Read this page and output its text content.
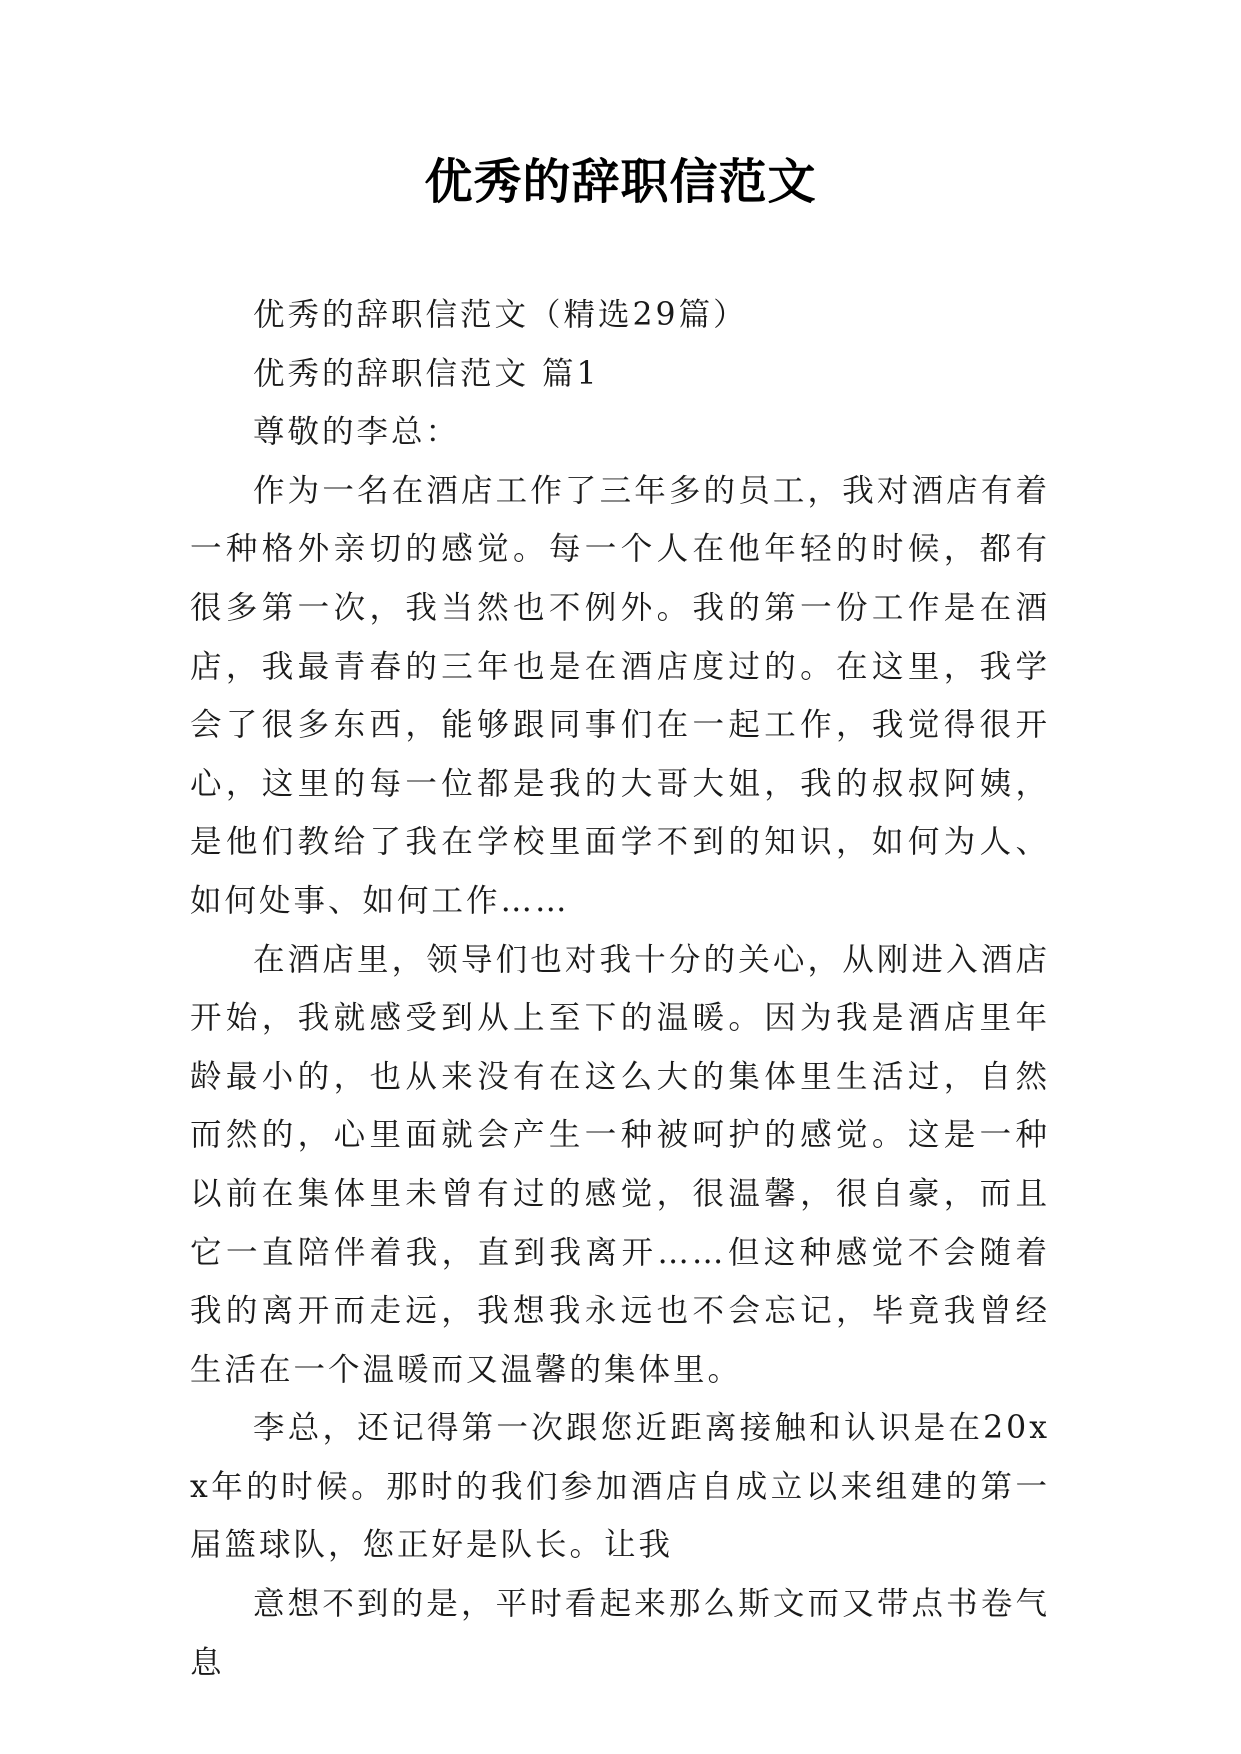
优秀的辞职信范文

优秀的辞职信范文（精选29篇）

优秀的辞职信范文 篇1

尊敬的李总：

作为一名在酒店工作了三年多的员工，我对酒店有着一种格外亲切的感觉。每一个人在他年轻的时候，都有很多第一次，我当然也不例外。我的第一份工作是在酒店，我最青春的三年也是在酒店度过的。在这里，我学会了很多东西，能够跟同事们在一起工作，我觉得很开心，这里的每一位都是我的大哥大姐，我的叔叔阿姨，是他们教给了我在学校里面学不到的知识，如何为人、如何处事、如何工作……

在酒店里，领导们也对我十分的关心，从刚进入酒店开始，我就感受到从上至下的温暖。因为我是酒店里年龄最小的，也从来没有在这么大的集体里生活过，自然而然的，心里面就会产生一种被呵护的感觉。这是一种以前在集体里未曾有过的感觉，很温馨，很自豪，而且它一直陪伴着我，直到我离开……但这种感觉不会随着我的离开而走远，我想我永远也不会忘记，毕竟我曾经生活在一个温暖而又温馨的集体里。

李总，还记得第一次跟您近距离接触和认识是在20xx年的时候。那时的我们参加酒店自成立以来组建的第一届篮球队，您正好是队长。让我

意想不到的是，平时看起来那么斯文而又带点书卷气息
